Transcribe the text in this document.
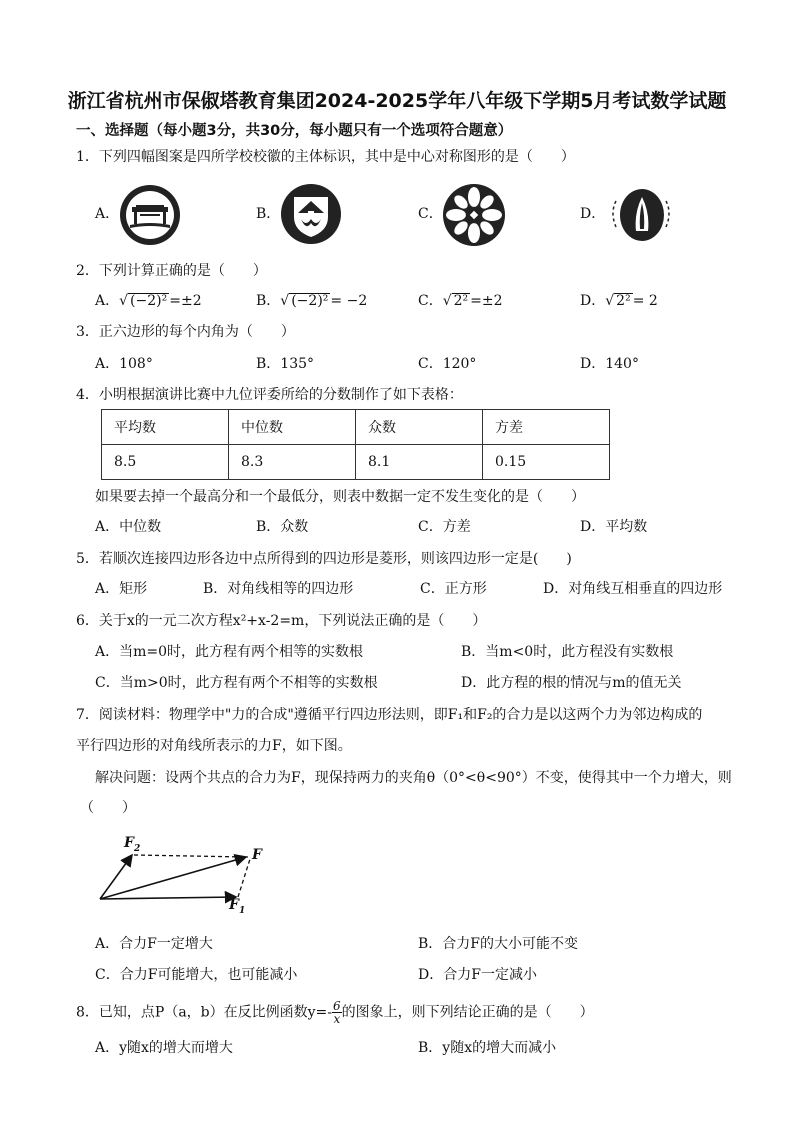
浙江省杭州市保俶塔教育集团2024-2025学年八年级下学期5月考试数学试题
一、选择题（每小题3分，共30分，每小题只有一个选项符合题意）
1．下列四幅图案是四所学校校徽的主体标识，其中是中心对称图形的是（　　）
A．	B．	C．	D．
2．下列计算正确的是（　　）
A．√ (−2)² =±2	B．√ (−2)² = −2	C．√ 2² =±2	D．√ 2² = 2
3．正六边形的每个内角为（　　）
A．108°	B．135°	C．120°	D．140°
4．小明根据演讲比赛中九位评委所给的分数制作了如下表格：
平均数	中位数	众数	方差
8.5	8.3	8.1	0.15
如果要去掉一个最高分和一个最低分，则表中数据一定不发生变化的是（　　）
A．中位数	B．众数	C．方差	D．平均数
5．若顺次连接四边形各边中点所得到的四边形是菱形，则该四边形一定是(　　)
A．矩形	B．对角线相等的四边形	C．正方形	D．对角线互相垂直的四边形
6．关于x的一元二次方程x²+x-2=m，下列说法正确的是（　　）
A．当m=0时，此方程有两个相等的实数根	B．当m<0时，此方程没有实数根
C．当m>0时，此方程有两个不相等的实数根	D．此方程的根的情况与m的值无关
7．阅读材料：物理学中"力的合成"遵循平行四边形法则，即F₁和F₂的合力是以这两个力为邻边构成的
平行四边形的对角线所表示的力F，如下图。
解决问题：设两个共点的合力为F，现保持两力的夹角θ（0°<θ<90°）不变，使得其中一个力增大，则
（　　）
$F_2$	F
$F_1$
A．合力F一定增大	B．合力F的大小可能不变
C．合力F可能增大，也可能减小	D．合力F一定减小
8．已知，点P（a，b）在反比例函数$y=- \frac{6}{x}$ 的图象上，则下列结论正确的是（　　）
A．y随x的增大而增大	B．y随x的增大而减小
